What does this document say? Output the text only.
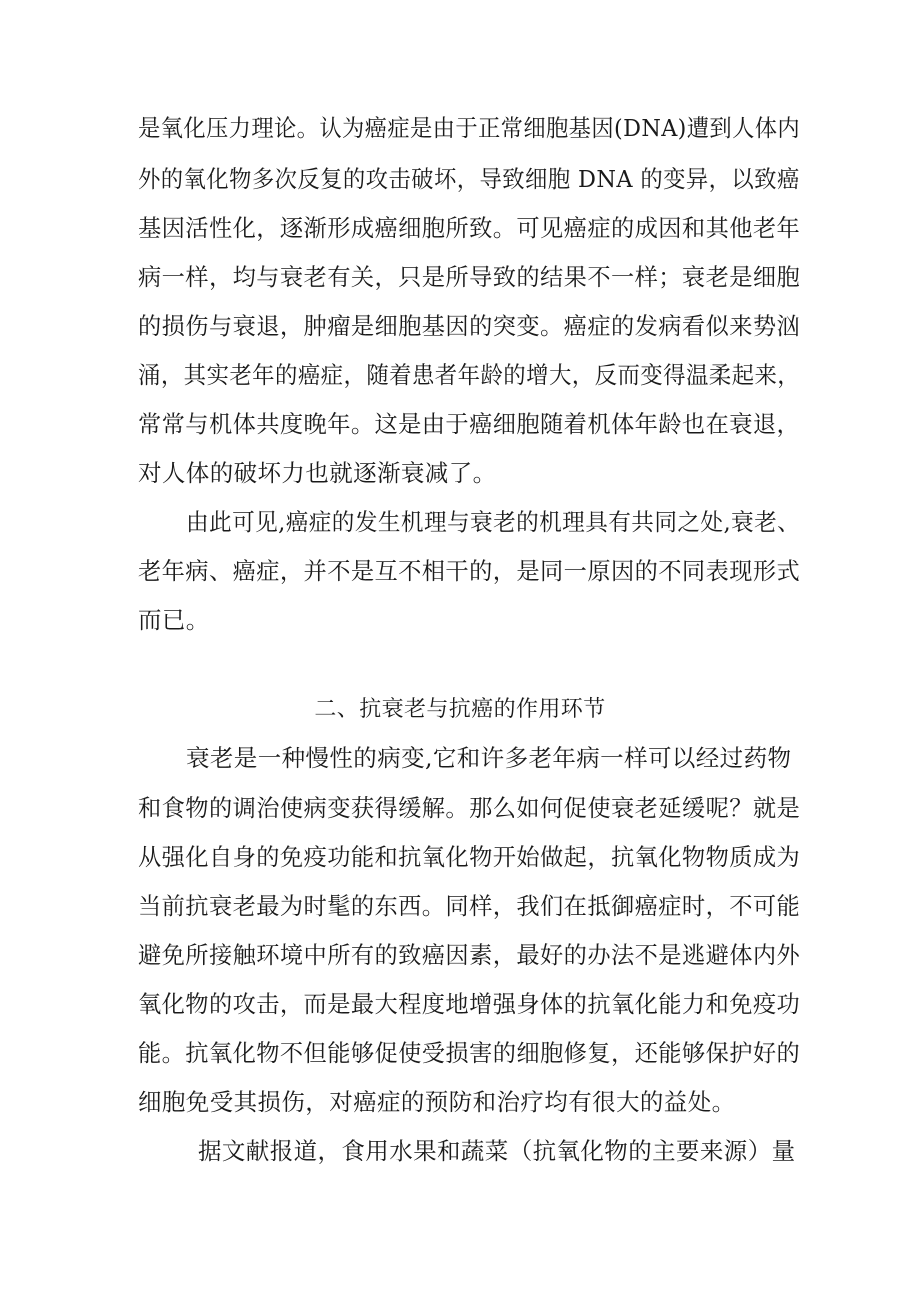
是氧化压力理论。认为癌症是由于正常细胞基因(DNA)遭到人体内
外的氧化物多次反复的攻击破坏，导致细胞 DNA 的变异，以致癌
基因活性化，逐渐形成癌细胞所致。可见癌症的成因和其他老年
病一样，均与衰老有关，只是所导致的结果不一样；衰老是细胞
的损伤与衰退，肿瘤是细胞基因的突变。癌症的发病看似来势汹
涌，其实老年的癌症，随着患者年龄的增大，反而变得温柔起来，
常常与机体共度晚年。这是由于癌细胞随着机体年龄也在衰退，
对人体的破坏力也就逐渐衰减了。
由此可见,癌症的发生机理与衰老的机理具有共同之处,衰老、
老年病、癌症，并不是互不相干的，是同一原因的不同表现形式
而已。
二、抗衰老与抗癌的作用环节
衰老是一种慢性的病变,它和许多老年病一样可以经过药物
和食物的调治使病变获得缓解。那么如何促使衰老延缓呢？就是
从强化自身的免疫功能和抗氧化物开始做起，抗氧化物物质成为
当前抗衰老最为时髦的东西。同样，我们在抵御癌症时，不可能
避免所接触环境中所有的致癌因素，最好的办法不是逃避体内外
氧化物的攻击，而是最大程度地增强身体的抗氧化能力和免疫功
能。抗氧化物不但能够促使受损害的细胞修复，还能够保护好的
细胞免受其损伤，对癌症的预防和治疗均有很大的益处。
据文献报道，食用水果和蔬菜（抗氧化物的主要来源）量
